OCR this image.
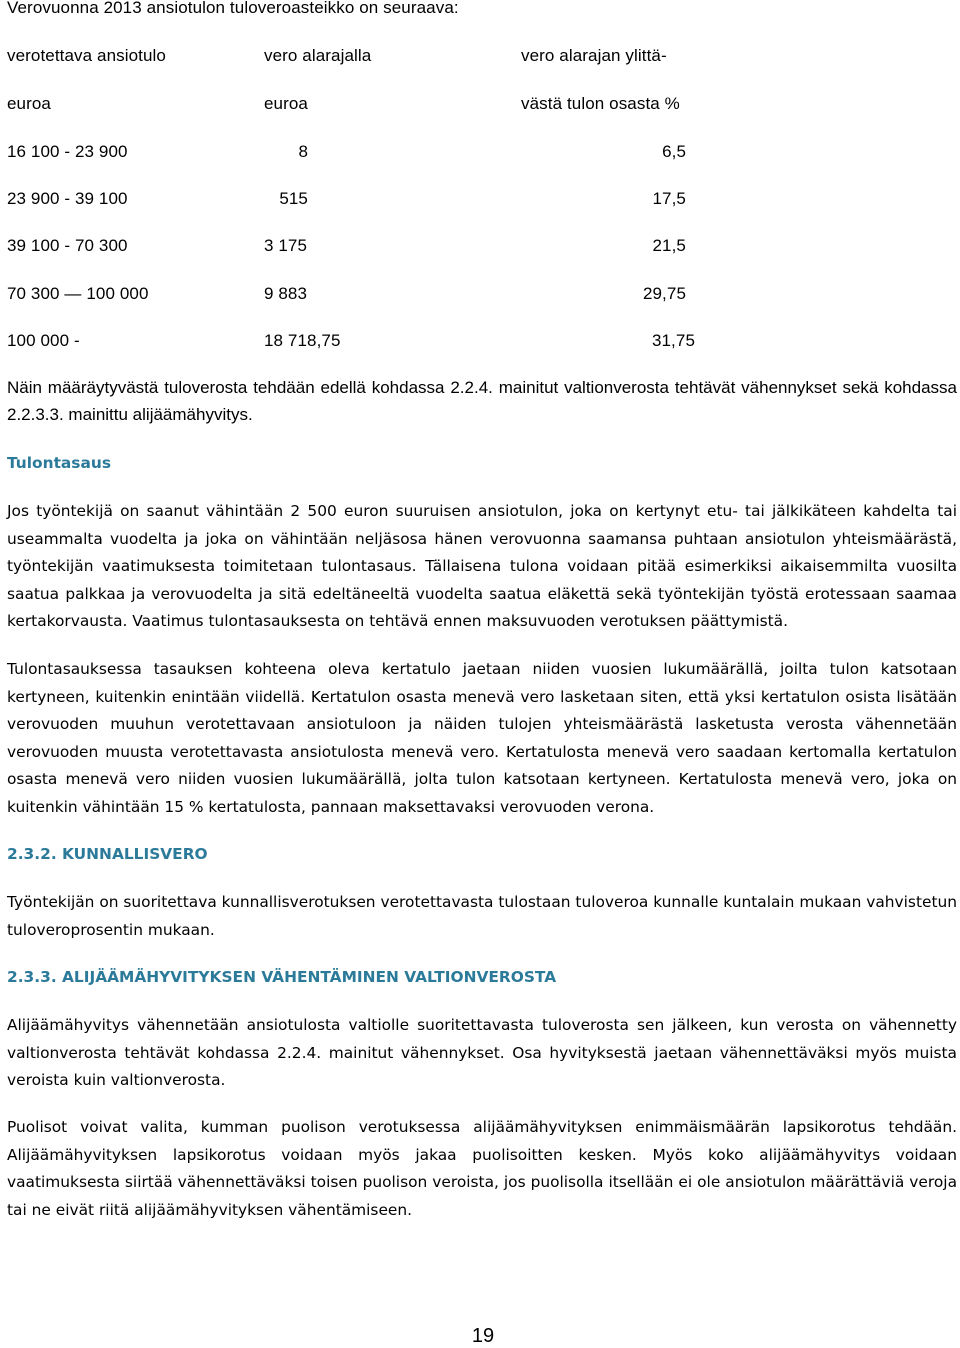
Verovuonna 2013 ansiotulon tuloveroasteikko on seuraava:
verotettava ansiotulo	vero alarajalla	vero alarajan ylittä-
euroa	euroa	västä tulon osasta %
16 100 - 23 900	8	6,5
23 900 - 39 100	515	17,5
39 100 - 70 300	3 175	21,5
70 300 — 100 000	9 883	29,75
100 000 -	18 718,75	31,75
Näin määräytyvästä tuloverosta tehdään edellä kohdassa 2.2.4. mainitut valtionverosta tehtävät vähennykset sekä kohdassa 2.2.3.3. mainittu alijäämähyvitys.
Tulontasaus
Jos työntekijä on saanut vähintään 2 500 euron suuruisen ansiotulon, joka on kertynyt etu- tai jälkikäteen kahdelta tai useammalta vuodelta ja joka on vähintään neljäsosa hänen verovuonna saamansa puhtaan ansiotulon yhteismäärästä, työntekijän vaatimuksesta toimitetaan tulontasaus. Tällaisena tulona voidaan pitää esimerkiksi aikaisemmilta vuosilta saatua palkkaa ja verovuodelta ja sitä edeltäneeltä vuodelta saatua eläkettä sekä työntekijän työstä erotessaan saamaa kertakorvausta. Vaatimus tulontasauksesta on tehtävä ennen maksuvuoden verotuksen päättymistä.
Tulontasauksessa tasauksen kohteena oleva kertatulo jaetaan niiden vuosien lukumäärällä, joilta tulon katsotaan kertyneen, kuitenkin enintään viidellä. Kertatulon osasta menevä vero lasketaan siten, että yksi kertatulon osista lisätään verovuoden muuhun verotettavaan ansiotuloon ja näiden tulojen yhteismäärästä lasketusta verosta vähennetään verovuoden muusta verotettavasta ansiotulosta menevä vero. Kertatulosta menevä vero saadaan kertomalla kertatulon osasta menevä vero niiden vuosien lukumäärällä, jolta tulon katsotaan kertyneen. Kertatulosta menevä vero, joka on kuitenkin vähintään 15 % kertatulosta, pannaan maksettavaksi verovuoden verona.
2.3.2. KUNNALLISVERO
Työntekijän on suoritettava kunnallisverotuksen verotettavasta tulostaan tuloveroa kunnalle kuntalain mukaan vahvistetun tuloveroprosentin mukaan.
2.3.3. ALIJÄÄMÄHYVITYKSEN VÄHENTÄMINEN VALTIONVEROSTA
Alijäämähyvitys vähennetään ansiotulosta valtiolle suoritettavasta tuloverosta sen jälkeen, kun verosta on vähennetty valtionverosta tehtävät kohdassa 2.2.4. mainitut vähennykset. Osa hyvityksestä jaetaan vähennettäväksi myös muista veroista kuin valtionverosta.
Puolisot voivat valita, kumman puolison verotuksessa alijäämähyvityksen enimmäismäärän lapsikorotus tehdään. Alijäämähyvityksen lapsikorotus voidaan myös jakaa puolisoitten kesken. Myös koko alijäämähyvitys voidaan vaatimuksesta siirtää vähennettäväksi toisen puolison veroista, jos puolisolla itsellään ei ole ansiotulon määrättäviä veroja tai ne eivät riitä alijäämähyvityksen vähentämiseen.
19
